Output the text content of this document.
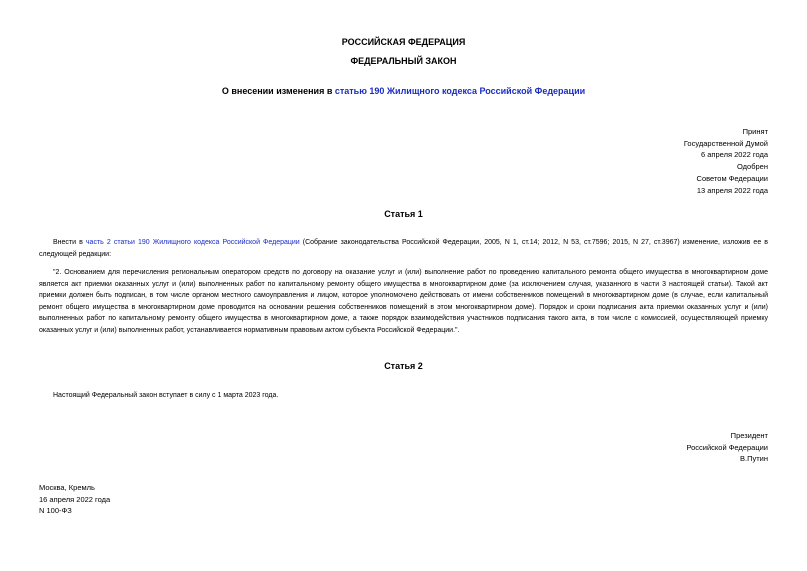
РОССИЙСКАЯ ФЕДЕРАЦИЯ
ФЕДЕРАЛЬНЫЙ ЗАКОН
О внесении изменения в статью 190 Жилищного кодекса Российской Федерации
Принят
Государственной Думой
6 апреля 2022 года
Одобрен
Советом Федерации
13 апреля 2022 года
Статья 1

Внести в часть 2 статьи 190 Жилищного кодекса Российской Федерации (Собрание законодательства Российской Федерации, 2005, N 1, ст.14; 2012, N 53, ст.7596; 2015, N 27, ст.3967) изменение, изложив ее в следующей редакции:

"2. Основанием для перечисления региональным оператором средств по договору на оказание услуг и (или) выполнение работ по проведению капитального ремонта общего имущества в многоквартирном доме является акт приемки оказанных услуг и (или) выполненных работ по капитальному ремонту общего имущества в многоквартирном доме (за исключением случая, указанного в части 3 настоящей статьи). Такой акт приемки должен быть подписан, в том числе органом местного самоуправления и лицом, которое уполномочено действовать от имени собственников помещений в многоквартирном доме (в случае, если капитальный ремонт общего имущества в многоквартирном доме проводится на основании решения собственников помещений в этом многоквартирном доме). Порядок и сроки подписания акта приемки оказанных услуг и (или) выполненных работ по капитальному ремонту общего имущества в многоквартирном доме, а также порядок взаимодействия участников подписания такого акта, в том числе с комиссией, осуществляющей приемку оказанных услуг и (или) выполненных работ, устанавливается нормативным правовым актом субъекта Российской Федерации.".

Статья 2

Настоящий Федеральный закон вступает в силу с 1 марта 2023 года.

Президент
Российской Федерации
В.Путин
Москва, Кремль
16 апреля 2022 года
N 100-ФЗ
